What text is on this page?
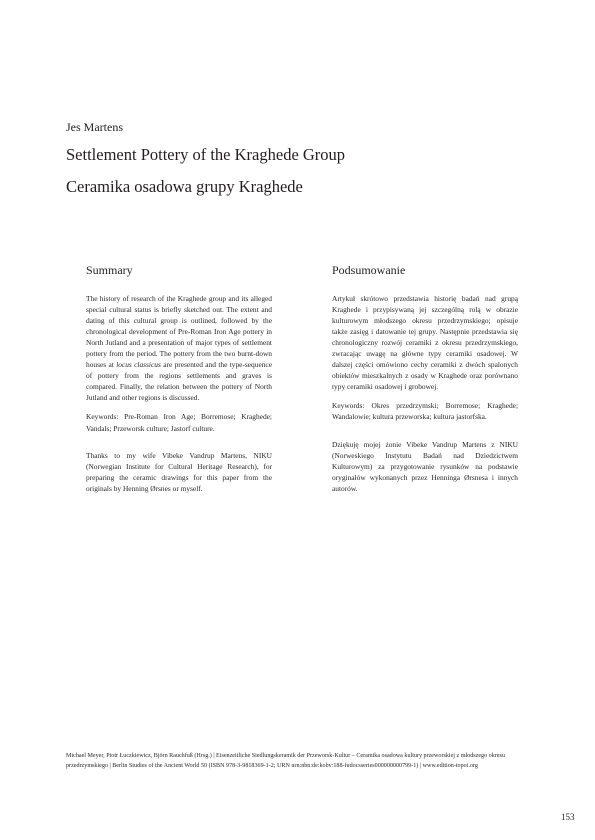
Jes Martens
Settlement Pottery of the Kraghede Group
Ceramika osadowa grupy Kraghede
Summary

The history of research of the Kraghede group and its alleged special cultural status is briefly sketched out. The extent and dating of this cultural group is outlined, followed by the chronological development of Pre-Roman Iron Age pottery in North Jutland and a presentation of major types of settlement pottery from the period. The pottery from the two burnt-down houses at locus classicus are presented and the type-sequence of pottery from the regions settlements and graves is compared. Finally, the relation between the pottery of North Jutland and other regions is discussed.

Keywords: Pre-Roman Iron Age; Borremose; Kraghede; Vandals; Przeworsk culture; Jastorf culture.

Thanks to my wife Vibeke Vandrup Martens, NIKU (Norwegian Institute for Cultural Heritage Research), for preparing the ceramic drawings for this paper from the originals by Henning Ørsnes or myself.

Podsumowanie

Artykuł skrótowo przedstawia historię badań nad grupą Kraghede i przypisywaną jej szczególną rolą w obrazie kulturowym młodszego okresu przedrzymskiego; opisuje także zasięg i datowanie tej grupy. Następnie przedstawia się chronologiczny rozwój ceramiki z okresu przedrzymskiego, zwracając uwagę na główne typy ceramiki osadowej. W dalszej części omówiono cechy ceramiki z dwóch spalonych obiektów mieszkalnych z osady w Kraghede oraz porównano typy ceramiki osadowej i grobowej.

Keywords: Okres przedrzymski; Borremose; Kraghede; Wandalowie; kultura przeworska; kultura jastorfska.

Dziękuję mojej żonie Vibeke Vandrup Martens z NIKU (Norweskiego Instytutu Badań nad Dziedzictwem Kulturowym) za przygotowanie rysunków na podstawie oryginałów wykonanych przez Henninga Ørsnesa i innych autorów.

Michael Meyer, Piotr Łuczkiewicz, Björn Rauchfuß (Hrsg.) | Eisenzeitliche Siedlungskeramik der Przeworsk-Kultur – Ceramika osadowa kultury przeworskiej z młodszego okresu przedrzymskiego | Berlin Studies of the Ancient World 50 (ISBN 978-3-9818369-1-2; URN urn:nbn:de:kobv:188-fudocsseries000000000799-1) | www.edition-topoi.org
153
